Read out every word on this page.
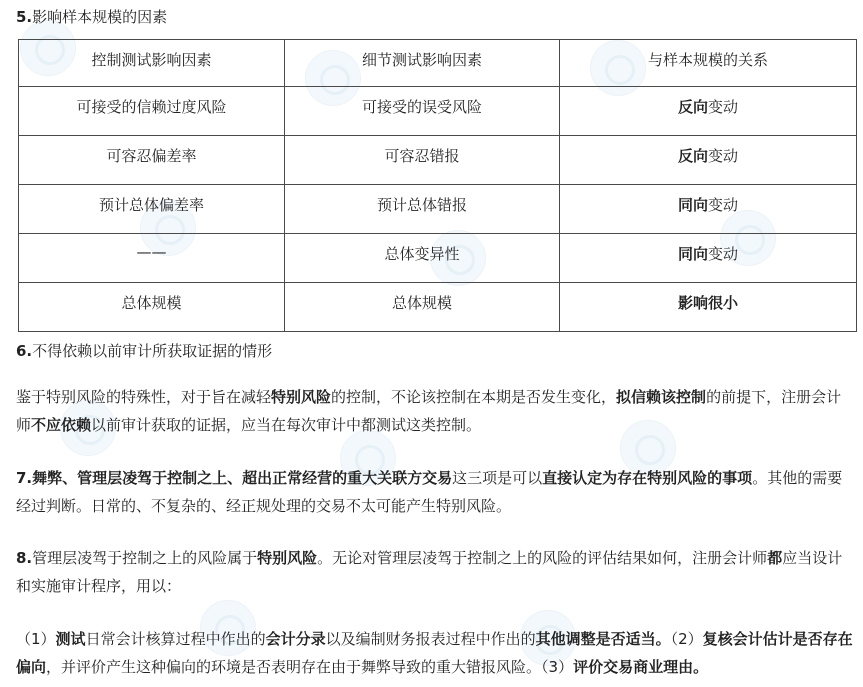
5.影响样本规模的因素
控制测试影响因素	细节测试影响因素	与样本规模的关系
可接受的信赖过度风险	可接受的误受风险	反向变动
可容忍偏差率	可容忍错报	反向变动
预计总体偏差率	预计总体错报	同向变动
——	总体变异性	同向变动
总体规模	总体规模	影响很小
6.不得依赖以前审计所获取证据的情形
鉴于特别风险的特殊性，对于旨在减轻特别风险的控制，不论该控制在本期是否发生变化，拟信赖该控制的前提下，注册会计师不应依赖以前审计获取的证据，应当在每次审计中都测试这类控制。
7.舞弊、管理层凌驾于控制之上、超出正常经营的重大关联方交易这三项是可以直接认定为存在特别风险的事项。其他的需要经过判断。日常的、不复杂的、经正规处理的交易不太可能产生特别风险。
8.管理层凌驾于控制之上的风险属于特别风险。无论对管理层凌驾于控制之上的风险的评估结果如何，注册会计师都应当设计和实施审计程序，用以：
（1）测试日常会计核算过程中作出的会计分录以及编制财务报表过程中作出的其他调整是否适当。（2）复核会计估计是否存在偏向，并评价产生这种偏向的环境是否表明存在由于舞弊导致的重大错报风险。（3）评价交易商业理由。
